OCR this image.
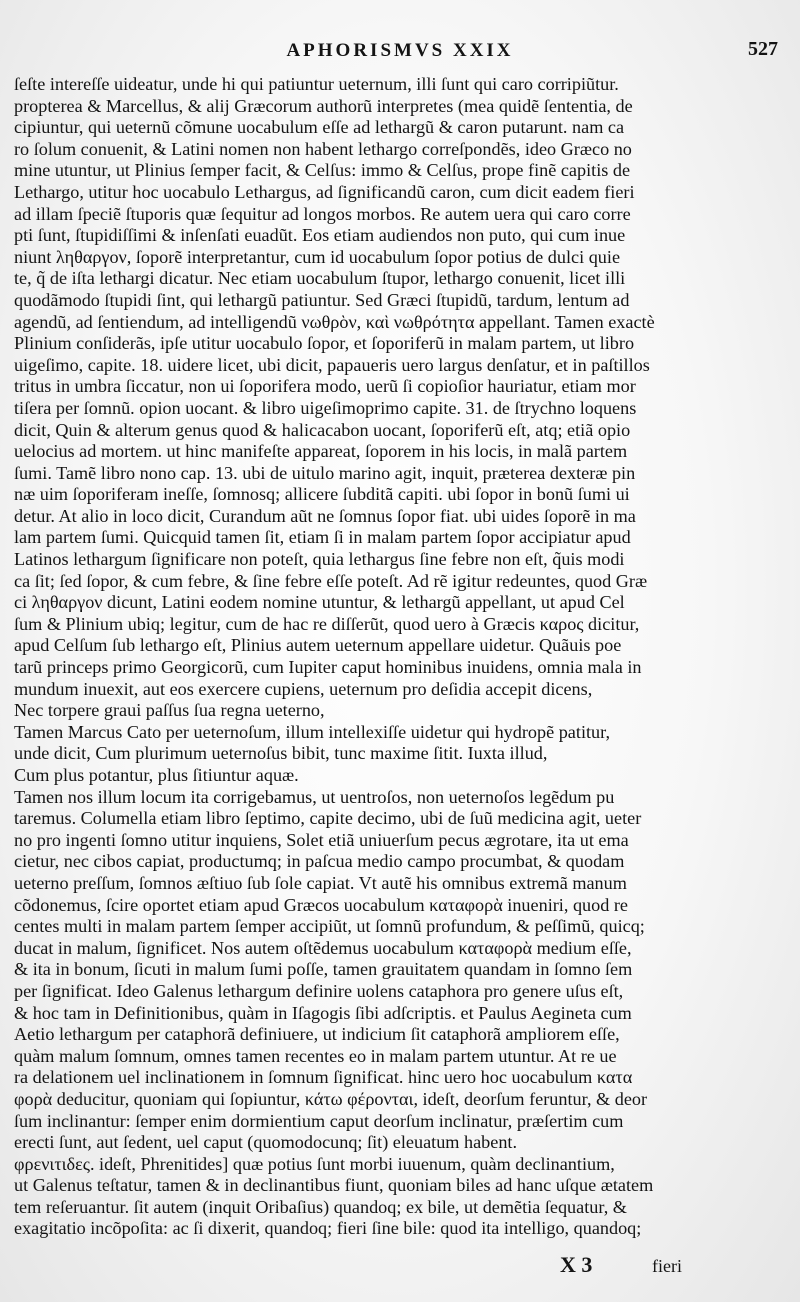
APHORISMVS XXIX	527
ſeſte intereſſe uideatur, unde hi qui patiuntur ueternum, illi ſunt qui caro corripiũtur.
propterea & Marcellus, & alij Græcorum authorũ interpretes (mea quidẽ ſententia, de
cipiuntur, qui ueternũ cõmune uocabulum eſſe ad lethargũ & caron putarunt. nam ca
ro ſolum conuenit, & Latini nomen non habent lethargo correſpondẽs, ideo Græco no
mine utuntur, ut Plinius ſemper facit, & Celſus: immo & Celſus, prope finẽ capitis de
Lethargo, utitur hoc uocabulo Lethargus, ad ſignificandũ caron, cum dicit eadem fieri
ad illam ſpeciẽ ſtuporis quæ ſequitur ad longos morbos. Re autem uera qui caro corre
pti ſunt, ſtupidiſſimi & inſenſati euadũt. Eos etiam audiendos non puto, qui cum inue
niunt ληθαργον, ſoporẽ interpretantur, cum id uocabulum ſopor potius de dulci quie
te, q̃ de iſta lethargi dicatur. Nec etiam uocabulum ſtupor, lethargo conuenit, licet illi
quodãmodo ſtupidi ſint, qui lethargũ patiuntur. Sed Græci ſtupidũ, tardum, lentum ad
agendũ, ad ſentiendum, ad intelligendũ νωθρὸν, καὶ νωθρότητα appellant. Tamen exactè
Plinium conſiderãs, ipſe utitur uocabulo ſopor, et ſoporiferũ in malam partem, ut libro
uigeſimo, capite. 18. uidere licet, ubi dicit, papaueris uero largus denſatur, et in paſtillos
tritus in umbra ſiccatur, non ui ſoporifera modo, uerũ ſi copioſior hauriatur, etiam mor
tiſera per ſomnũ. opion uocant. & libro uigeſimoprimo capite. 31. de ſtrychno loquens
dicit, Quin & alterum genus quod & halicacabon uocant, ſoporiferũ eſt, atq; etiã opio
uelocius ad mortem. ut hinc manifeſte appareat, ſoporem in his locis, in malã partem
ſumi. Tamẽ libro nono cap. 13. ubi de uitulo marino agit, inquit, præterea dexteræ pin
næ uim ſoporiferam ineſſe, ſomnosq; allicere ſubditã capiti. ubi ſopor in bonũ ſumi ui
detur. At alio in loco dicit, Curandum aũt ne ſomnus ſopor fiat. ubi uides ſoporẽ in ma
lam partem ſumi. Quicquid tamen ſit, etiam ſi in malam partem ſopor accipiatur apud
Latinos lethargum ſignificare non poteſt, quia lethargus ſine febre non eſt, q̃uis modi
ca ſit; ſed ſopor, & cum febre, & ſine febre eſſe poteſt. Ad rẽ igitur redeuntes, quod Græ
ci ληθαργον dicunt, Latini eodem nomine utuntur, & lethargũ appellant, ut apud Cel
ſum & Plinium ubiq; legitur, cum de hac re diſſerũt, quod uero à Græcis καρος dicitur,
apud Celſum ſub lethargo eſt, Plinius autem ueternum appellare uidetur. Quãuis poe
tarũ princeps primo Georgicorũ, cum Iupiter caput hominibus inuidens, omnia mala in
mundum inuexit, aut eos exercere cupiens, ueternum pro deſidia accepit dicens,
Nec torpere graui paſſus ſua regna ueterno,
Tamen Marcus Cato per ueternoſum, illum intellexiſſe uidetur qui hydropẽ patitur,
unde dicit, Cum plurimum ueternoſus bibit, tunc maxime ſitit. Iuxta illud,
Cum plus potantur, plus ſitiuntur aquæ.
Tamen nos illum locum ita corrigebamus, ut uentroſos, non ueternoſos legẽdum pu
taremus. Columella etiam libro ſeptimo, capite decimo, ubi de ſuũ medicina agit, ueter
no pro ingenti ſomno utitur inquiens, Solet etiã uniuerſum pecus ægrotare, ita ut ema
cietur, nec cibos capiat, productumq; in paſcua medio campo procumbat, & quodam
ueterno preſſum, ſomnos æſtiuo ſub ſole capiat. Vt autẽ his omnibus extremã manum
cõdonemus, ſcire oportet etiam apud Græcos uocabulum καταφορὰ inueniri, quod re
centes multi in malam partem ſemper accipiũt, ut ſomnũ profundum, & peſſimũ, quicq;
ducat in malum, ſignificet. Nos autem oſtẽdemus uocabulum καταφορὰ medium eſſe,
& ita in bonum, ſicuti in malum ſumi poſſe, tamen grauitatem quandam in ſomno ſem
per ſignificat. Ideo Galenus lethargum definire uolens cataphora pro genere uſus eſt,
& hoc tam in Definitionibus, quàm in Iſagogis ſibi adſcriptis. et Paulus Aegineta cum
Aetio lethargum per cataphorã definiuere, ut indicium ſit cataphorã ampliorem eſſe,
quàm malum ſomnum, omnes tamen recentes eo in malam partem utuntur. At re ue
ra delationem uel inclinationem in ſomnum ſignificat. hinc uero hoc uocabulum κατα
φορὰ deducitur, quoniam qui ſopiuntur, κάτω φέρονται, ideſt, deorſum feruntur, & deor
ſum inclinantur: ſemper enim dormientium caput deorſum inclinatur, præſertim cum
erecti ſunt, aut ſedent, uel caput (quomodocunq; ſit) eleuatum habent.
φρενιτιδες. ideſt, Phrenitides] quæ potius ſunt morbi iuuenum, quàm declinantium,
ut Galenus teſtatur, tamen & in declinantibus fiunt, quoniam biles ad hanc uſque ætatem
tem reſeruantur. ſit autem (inquit Oribaſius) quandoq; ex bile, ut demẽtia ſequatur, &
exagitatio incõpoſita: ac ſi dixerit, quandoq; fieri ſine bile: quod ita intelligo, quandoq;
X 3	fieri
